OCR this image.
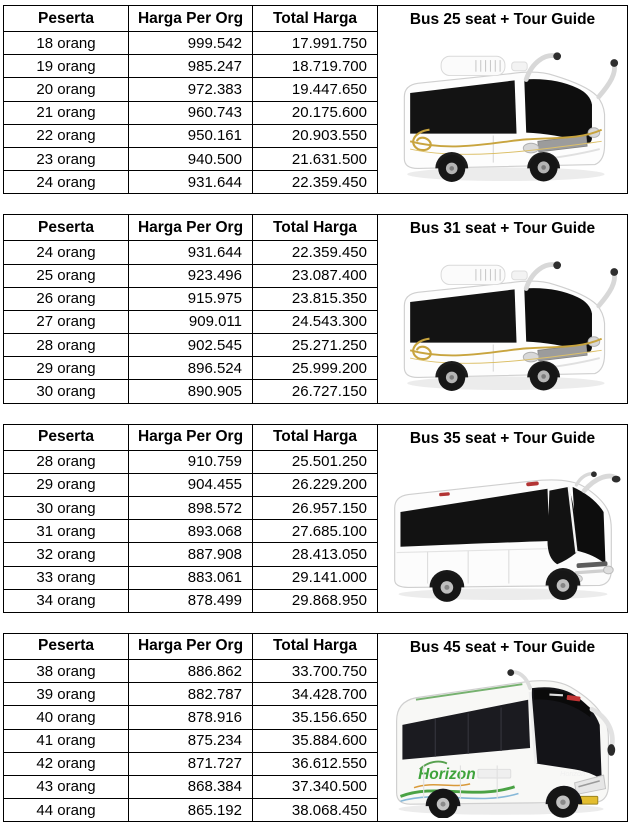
Peserta	Harga Per Org	Total Harga	Bus 25 seat + Tour Guide

18 orang	999.542	17.991.750	
19 orang	985.247	18.719.700	
20 orang	972.383	19.447.650	
21 orang	960.743	20.175.600	
22 orang	950.161	20.903.550	
23 orang	940.500	21.631.500	
24 orang	931.644	22.359.450	
Peserta	Harga Per Org	Total Harga	Bus 31 seat + Tour Guide

24 orang	931.644	22.359.450	
25 orang	923.496	23.087.400	
26 orang	915.975	23.815.350	
27 orang	909.011	24.543.300	
28 orang	902.545	25.271.250	
29 orang	896.524	25.999.200	
30 orang	890.905	26.727.150	
Peserta	Harga Per Org	Total Harga	Bus 35 seat + Tour Guide

28 orang	910.759	25.501.250	
29 orang	904.455	26.229.200	
30 orang	898.572	26.957.150	
31 orang	893.068	27.685.100	
32 orang	887.908	28.413.050	
33 orang	883.061	29.141.000	
34 orang	878.499	29.868.950	
Peserta	Harga Per Org	Total Harga	Bus 45 seat + Tour Guide
Horizon Horizon

38 orang	886.862	33.700.750	
39 orang	882.787	34.428.700	
40 orang	878.916	35.156.650	
41 orang	875.234	35.884.600	
42 orang	871.727	36.612.550	
43 orang	868.384	37.340.500	
44 orang	865.192	38.068.450	
